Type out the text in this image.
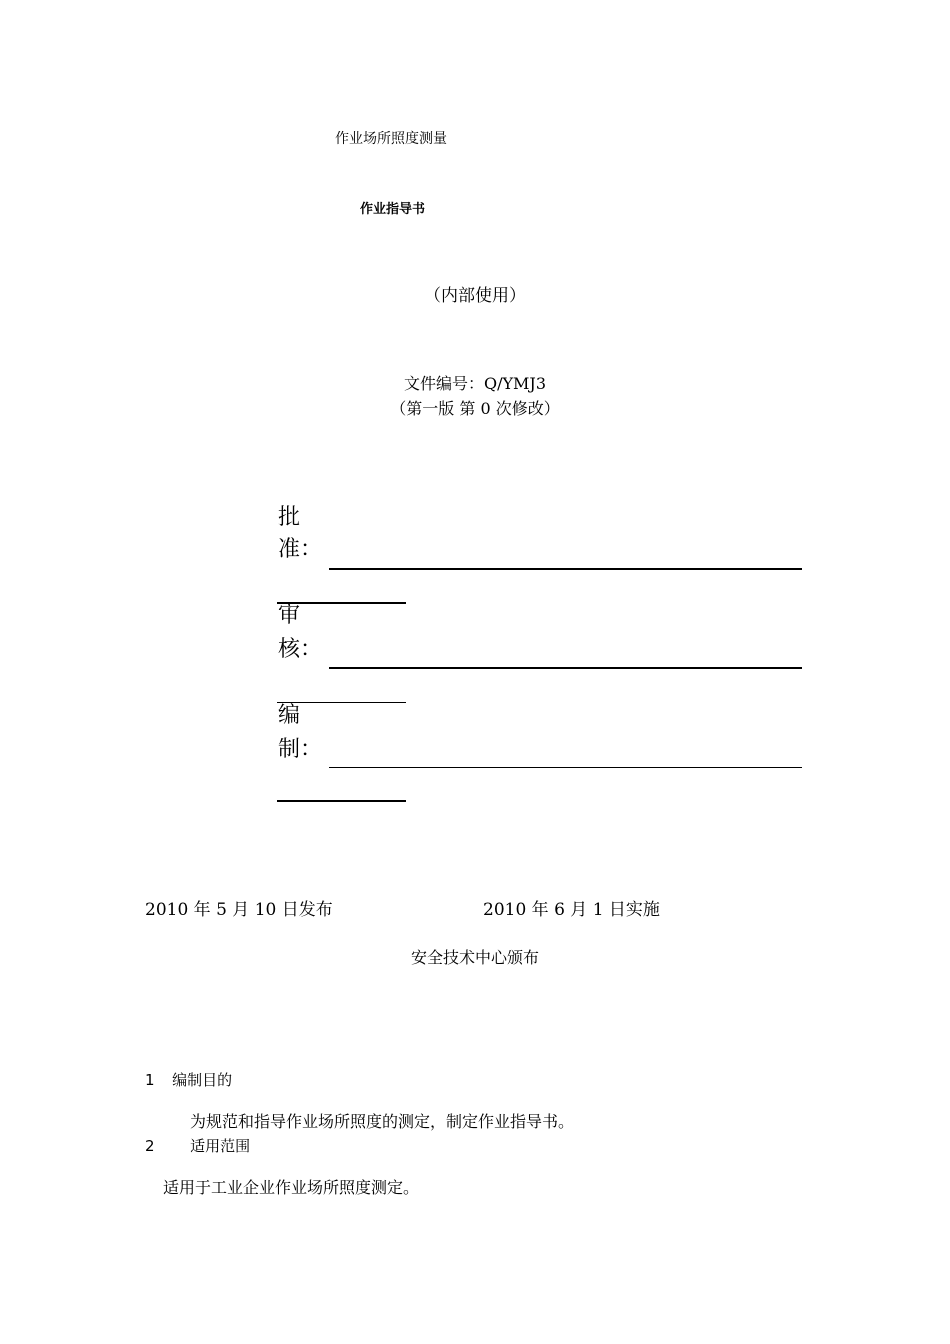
作业场所照度测量
作业指导书
（内部使用）
文件编号：Q/YMJ3
（第一版 第 0 次修改）
批
准：
审
核：
编
制：
2010 年 5 月 10 日发布	2010 年 6 月 1 日实施
安全技术中心颁布
1 编制目的
为规范和指导作业场所照度的测定，制定作业指导书。
2 适用范围
适用于工业企业作业场所照度测定。
